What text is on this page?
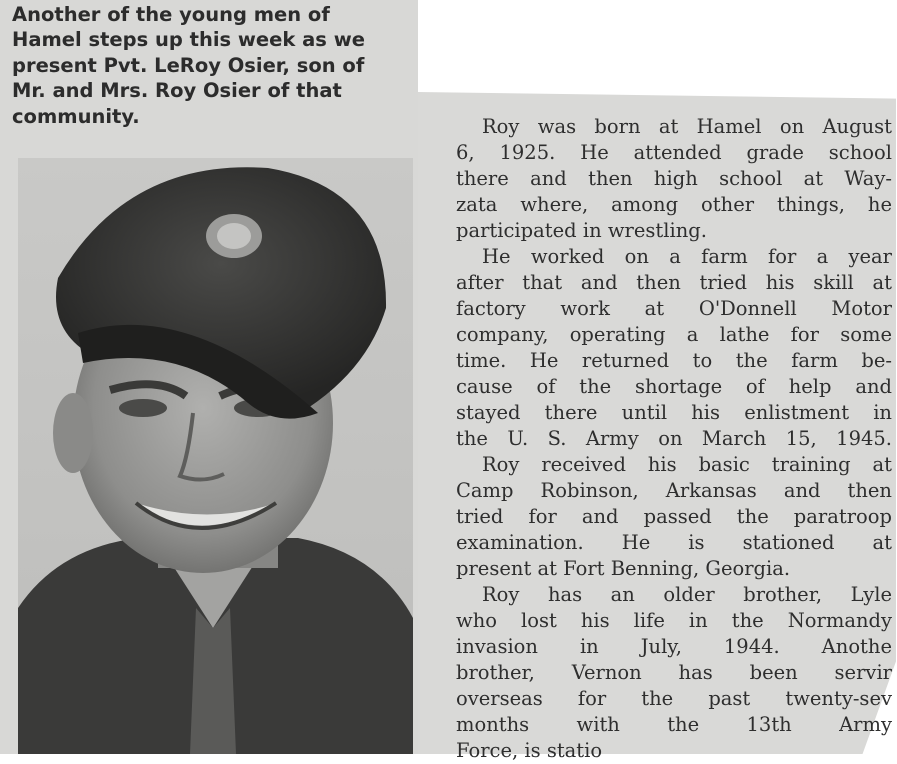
Another of the young men of
Hamel steps up this week as we
present Pvt. LeRoy Osier, son of
Mr. and Mrs. Roy Osier of that
community.	Roy was born at Hamel on August
6, 1925. He attended grade school
there and then high school at Way-
zata where, among other things, he
participated in wrestling.
He worked on a farm for a year
after that and then tried his skill at
factory work at O'Donnell Motor
company, operating a lathe for some
time. He returned to the farm be-
cause of the shortage of help and
stayed there until his enlistment in
the U. S. Army on March 15, 1945.
Roy received his basic training at
Camp Robinson, Arkansas and then
tried for and passed the paratroop
examination. He is stationed at
present at Fort Benning, Georgia.
Roy has an older brother, Lyle
who lost his life in the Normandy
invasion in July, 1944. Anothe
brother, Vernon has been servir
overseas for the past twenty-sev
months with the 13th Army
Force, is statio
